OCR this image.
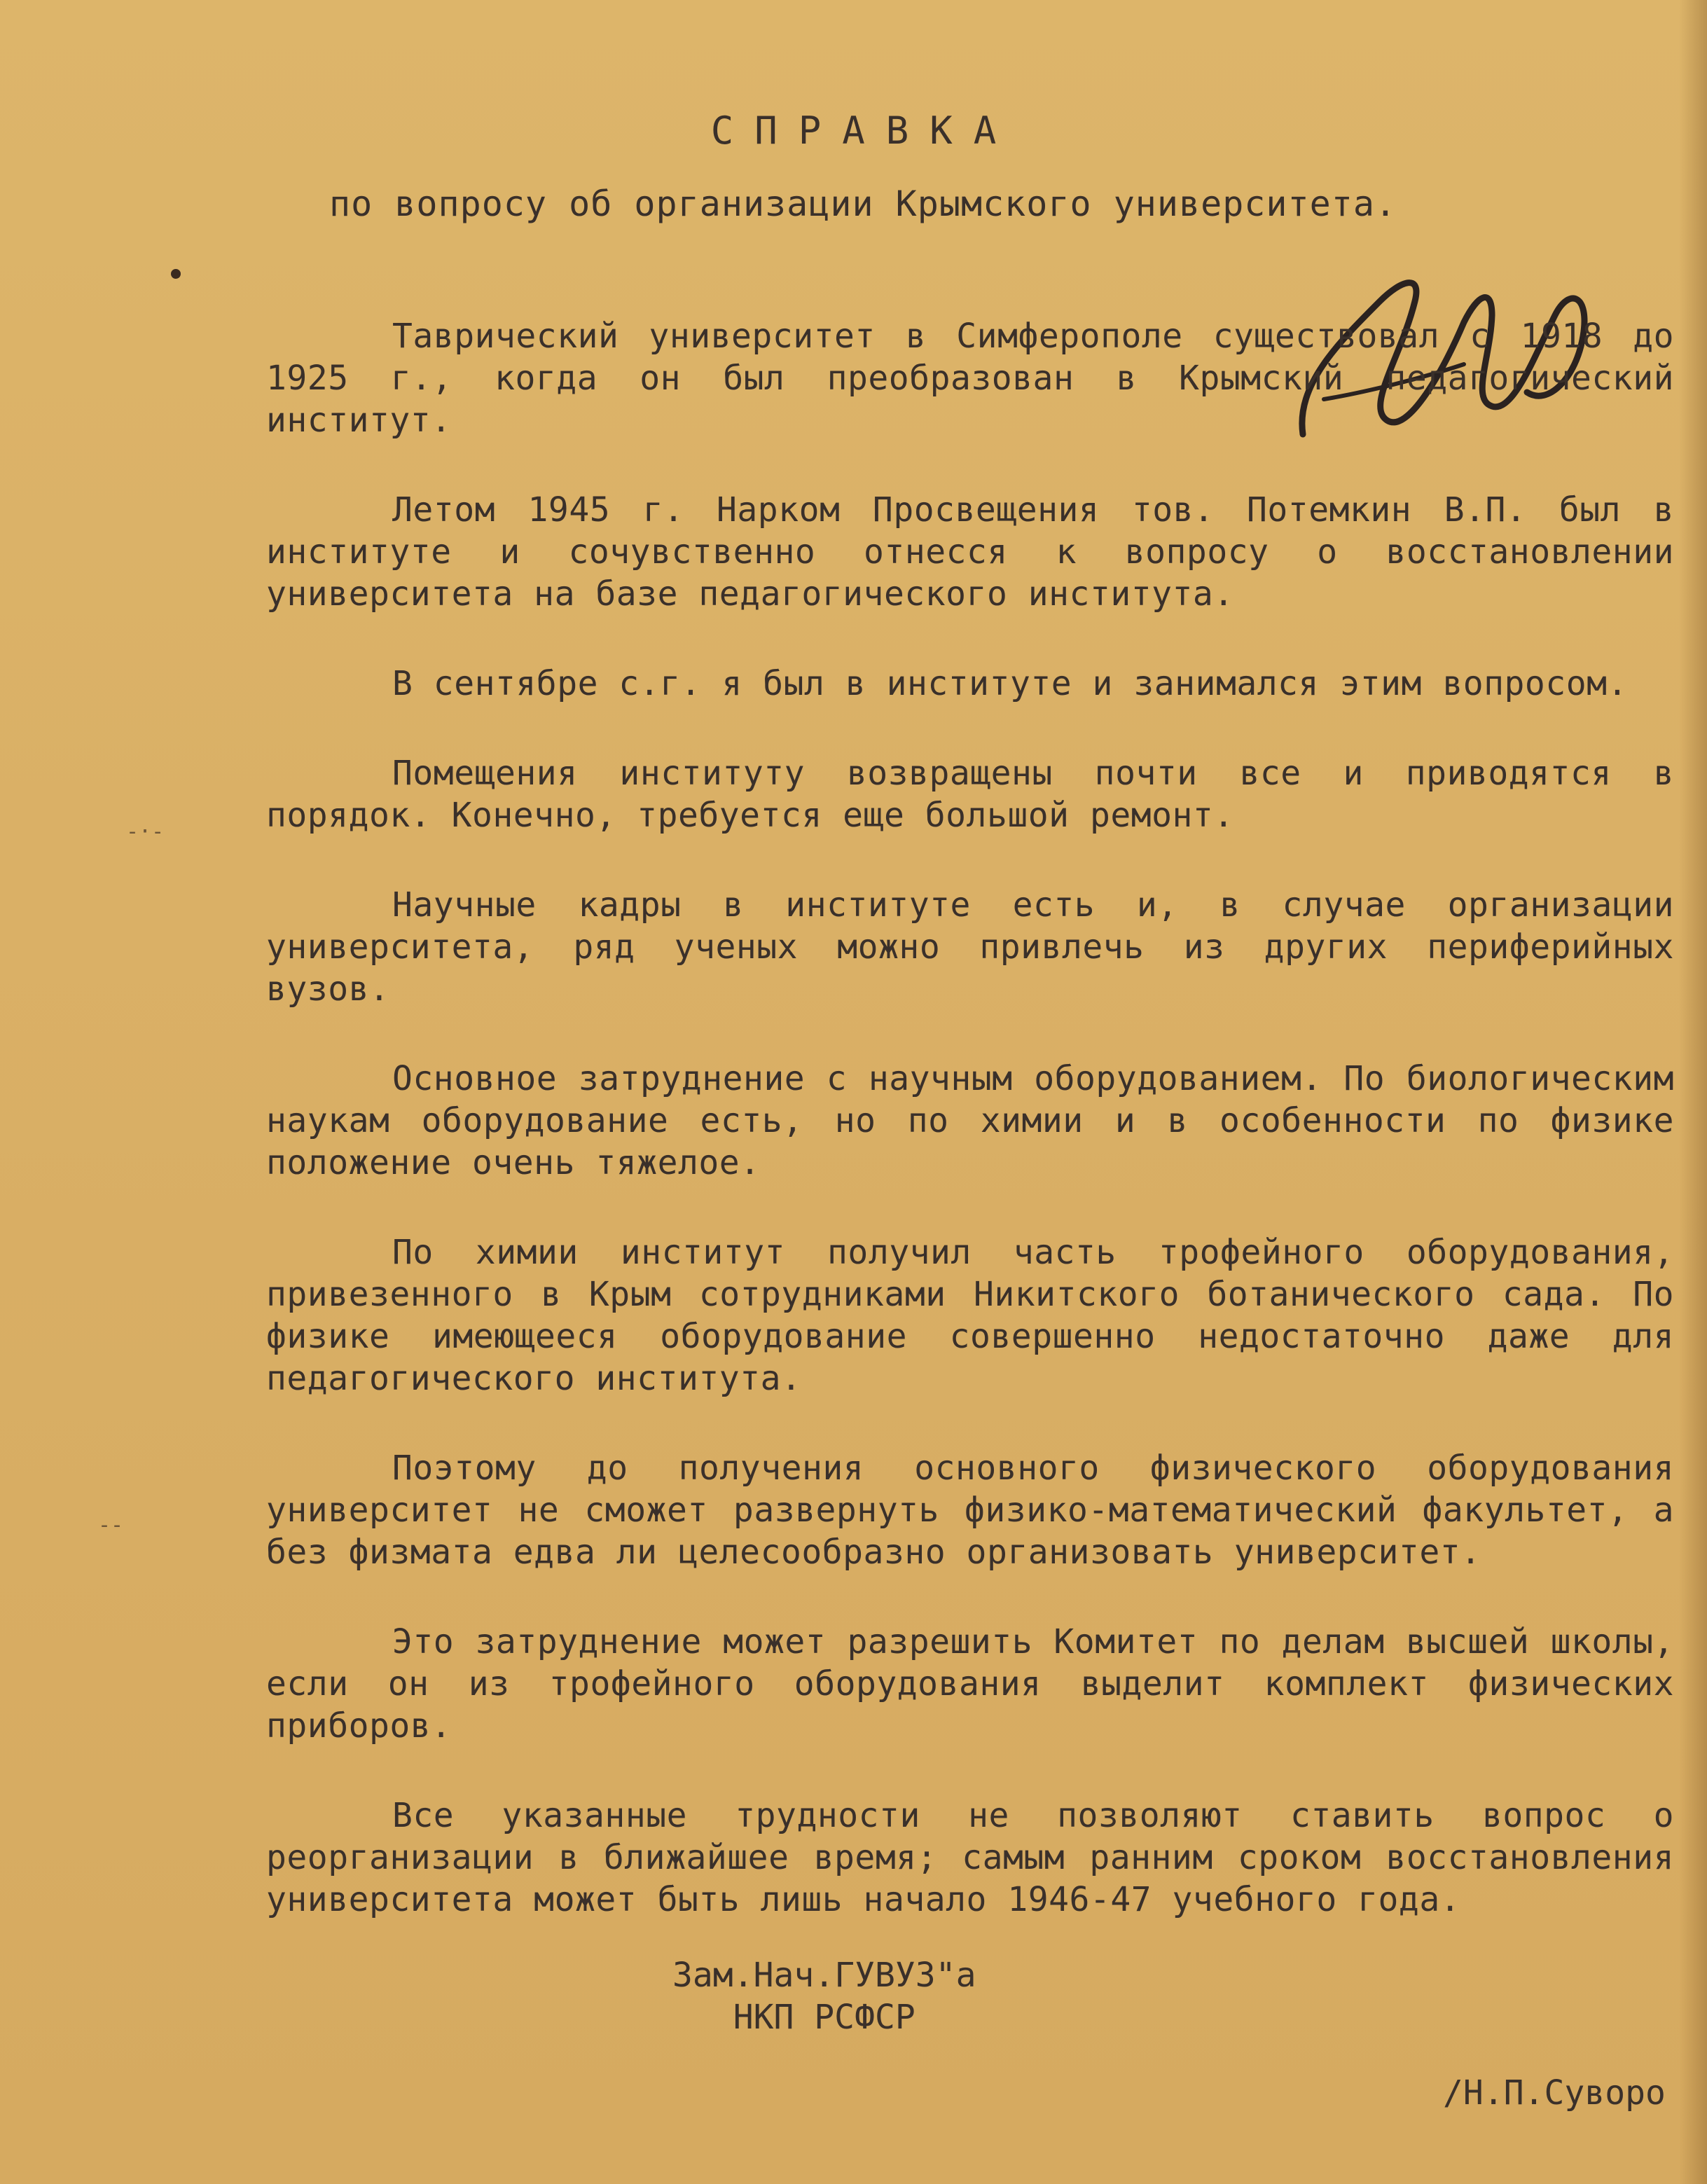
-·-
--
СПРАВКА
по вопросу об организации Крымского университета.

Таврический университет в Симферополе существовал с 1918 до 1925 г., когда он был преобразован в Крымский педагогический институт.

Летом 1945 г. Нарком Просвещения тов. Потемкин В.П. был в институте и сочувственно отнесся к вопросу о восстановлении университета на базе педагогического института.

В сентябре с.г. я был в институте и занимался этим вопросом.

Помещения институту возвращены почти все и приводятся в порядок. Конечно, требуется еще большой ремонт.

Научные кадры в институте есть и, в случае организации университета, ряд ученых можно привлечь из других периферийных вузов.

Основное затруднение с научным оборудованием. По биологическим наукам оборудование есть, но по химии и в особенности по физике положение очень тяжелое.

По химии институт получил часть трофейного оборудования, привезенного в Крым сотрудниками Никитского ботанического сада. По физике имеющееся оборудование совершенно недостаточно даже для педагогического института.

Поэтому до получения основного физического оборудования университет не сможет развернуть физико-математический факультет, а без физмата едва ли целесообразно организовать университет.

Это затруднение может разрешить Комитет по делам высшей школы, если он из трофейного оборудования выделит комплект физических приборов.

Все указанные трудности не позволяют ставить вопрос о реорганизации в ближайшее время; самым ранним сроком восстановления университета может быть лишь начало 1946-47 учебного года.

Зам.Нач.ГУВУЗ"а
НКП РСФСР
/Н.П.Суворо
